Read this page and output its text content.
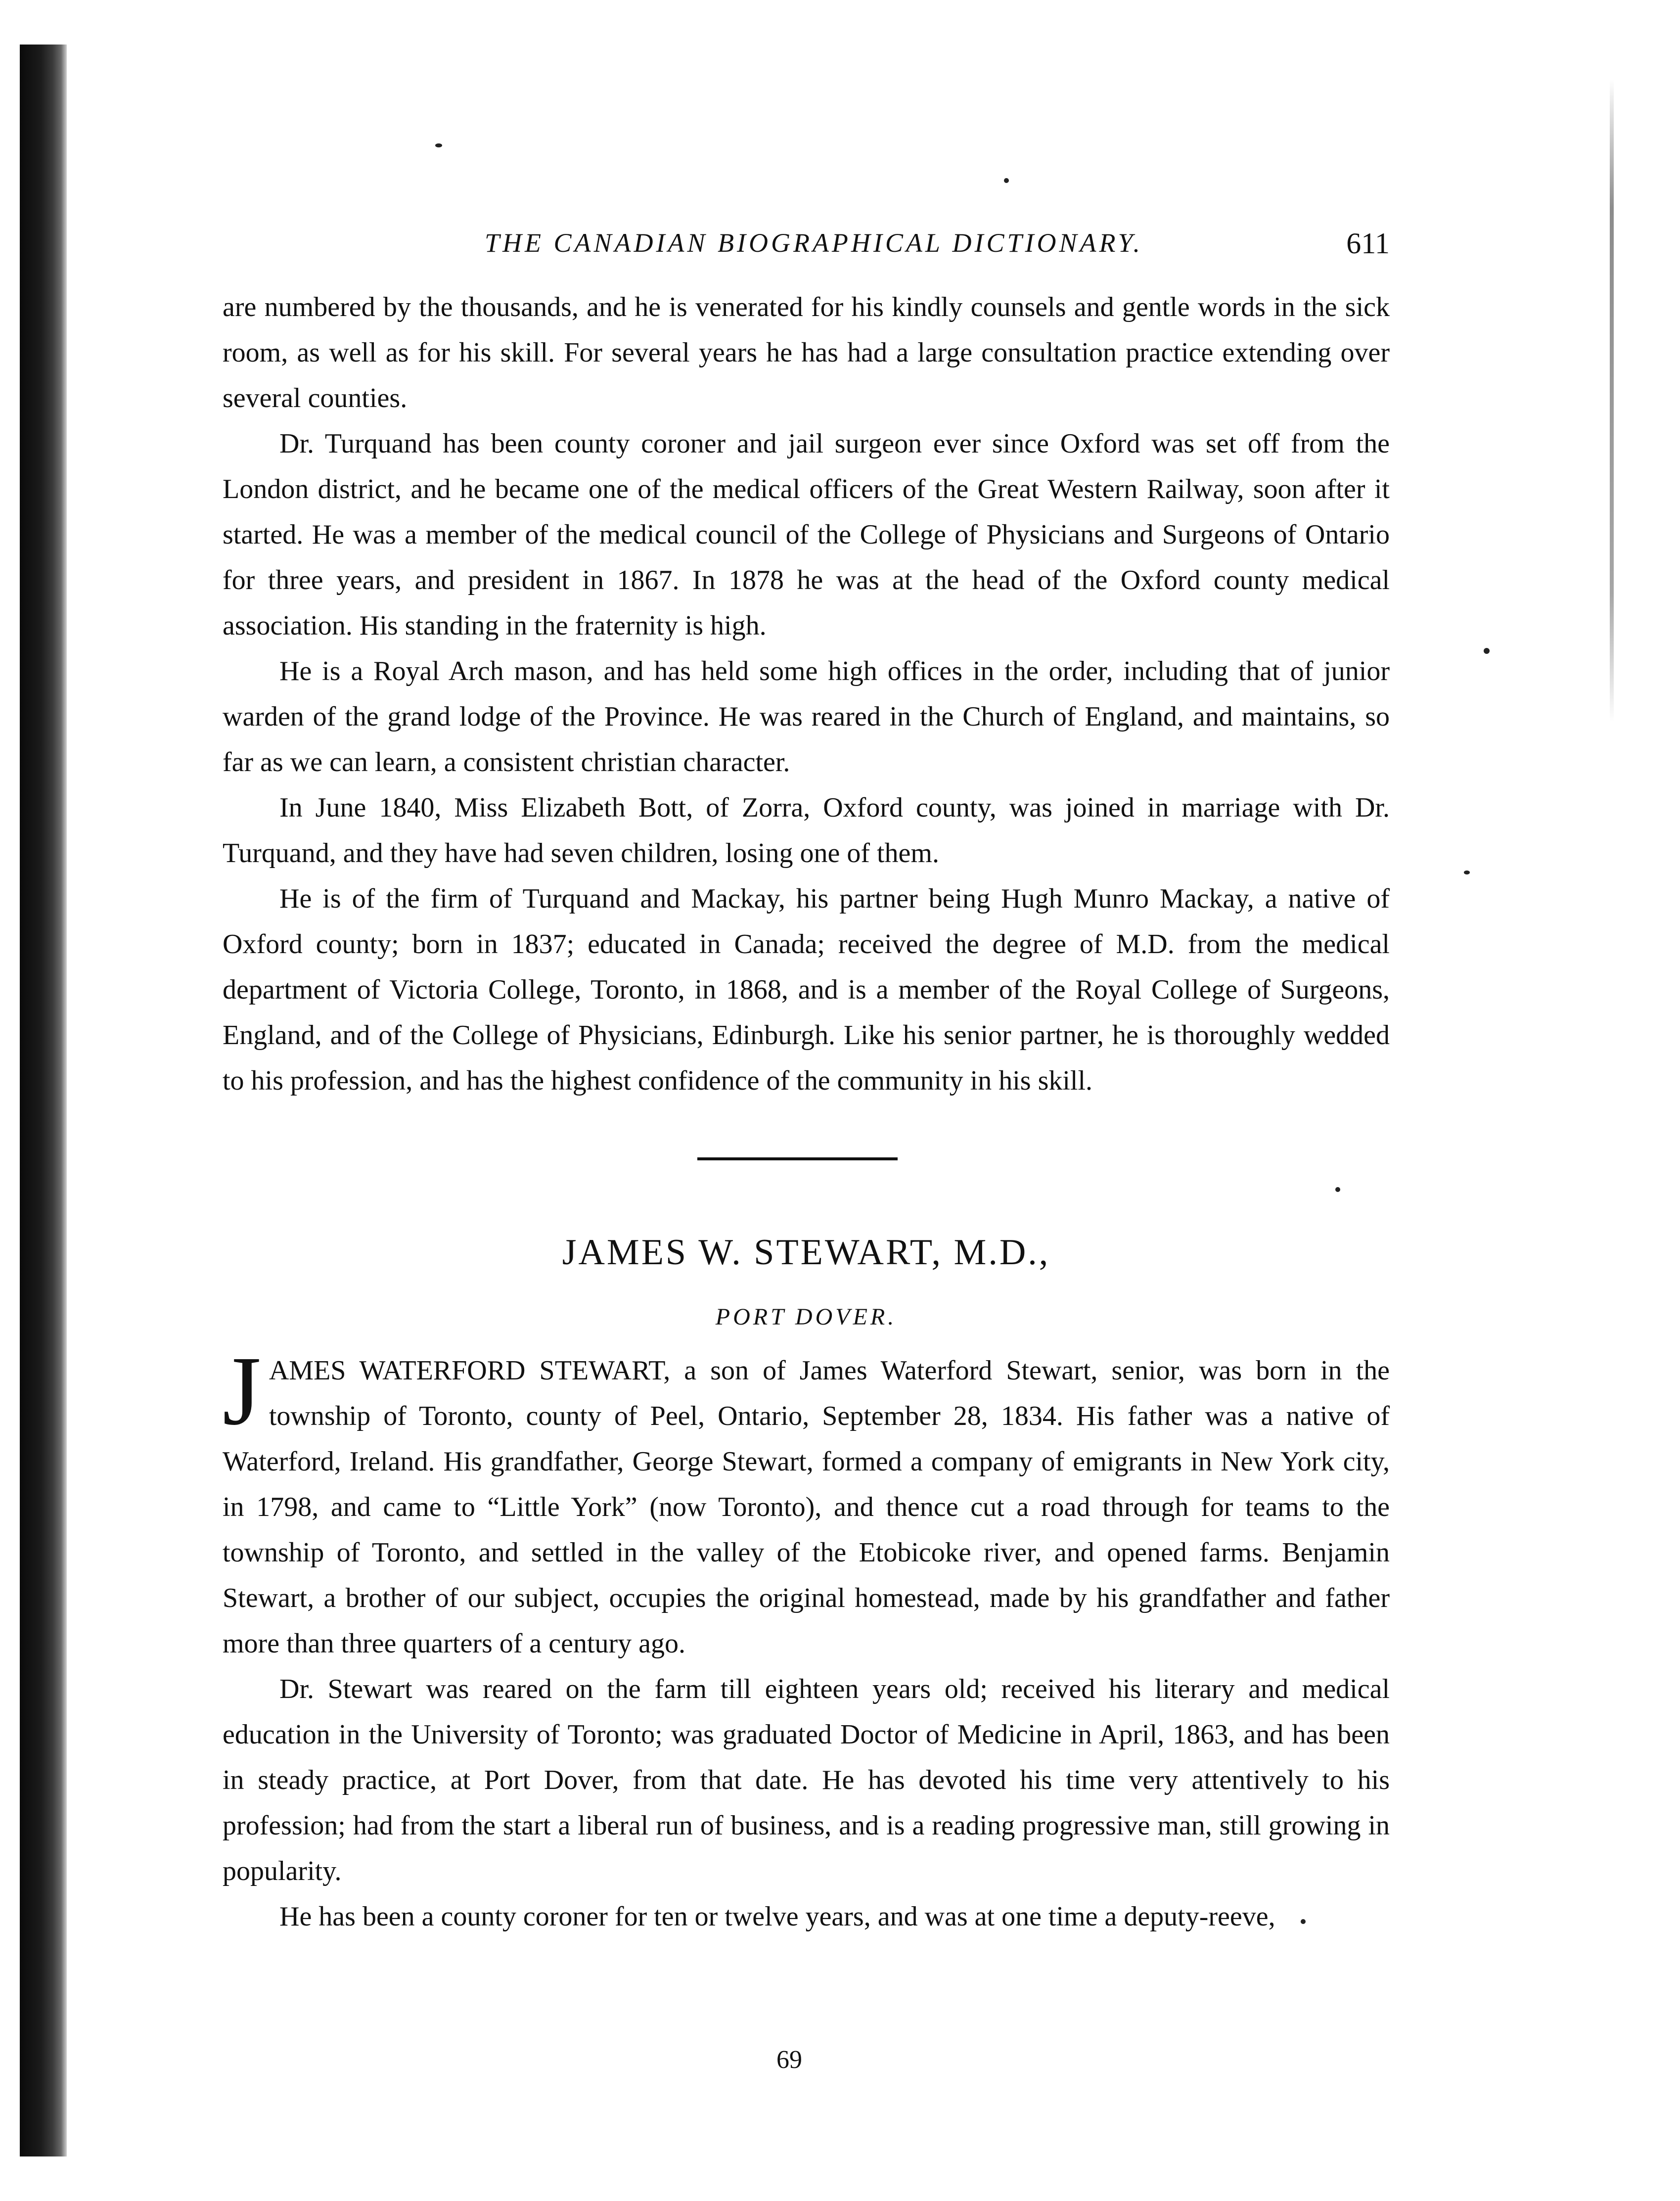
THE CANADIAN BIOGRAPHICAL DICTIONARY.	611

are numbered by the thousands, and he is venerated for his kindly counsels and gentle words in the sick room, as well as for his skill. For several years he has had a large consultation practice extending over several counties.

Dr. Turquand has been county coroner and jail surgeon ever since Oxford was set off from the London district, and he became one of the medical officers of the Great Western Railway, soon after it started. He was a member of the medical council of the College of Physicians and Surgeons of Ontario for three years, and president in 1867. In 1878 he was at the head of the Oxford county medical association. His standing in the fraternity is high.

He is a Royal Arch mason, and has held some high offices in the order, including that of junior warden of the grand lodge of the Province. He was reared in the Church of England, and maintains, so far as we can learn, a consistent christian character.

In June 1840, Miss Elizabeth Bott, of Zorra, Oxford county, was joined in marriage with Dr. Turquand, and they have had seven children, losing one of them.

He is of the firm of Turquand and Mackay, his partner being Hugh Munro Mackay, a native of Oxford county; born in 1837; educated in Canada; received the degree of M.D. from the medical department of Victoria College, Toronto, in 1868, and is a member of the Royal College of Surgeons, England, and of the College of Physicians, Edinburgh. Like his senior partner, he is thoroughly wedded to his profession, and has the highest confidence of the community in his skill.

JAMES W. STEWART, M.D.,
PORT DOVER.

JAMES WATERFORD STEWART, a son of James Waterford Stewart, senior, was born in the township of Toronto, county of Peel, Ontario, September 28, 1834. His father was a native of Waterford, Ireland. His grandfather, George Stewart, formed a company of emigrants in New York city, in 1798, and came to “Little York” (now Toronto), and thence cut a road through for teams to the township of Toronto, and settled in the valley of the Etobicoke river, and opened farms. Benjamin Stewart, a brother of our subject, occupies the original homestead, made by his grandfather and father more than three quarters of a century ago.

Dr. Stewart was reared on the farm till eighteen years old; received his literary and medical education in the University of Toronto; was graduated Doctor of Medicine in April, 1863, and has been in steady practice, at Port Dover, from that date. He has devoted his time very attentively to his profession; had from the start a liberal run of business, and is a reading progressive man, still growing in popularity.

He has been a county coroner for ten or twelve years, and was at one time a deputy-reeve,

69
